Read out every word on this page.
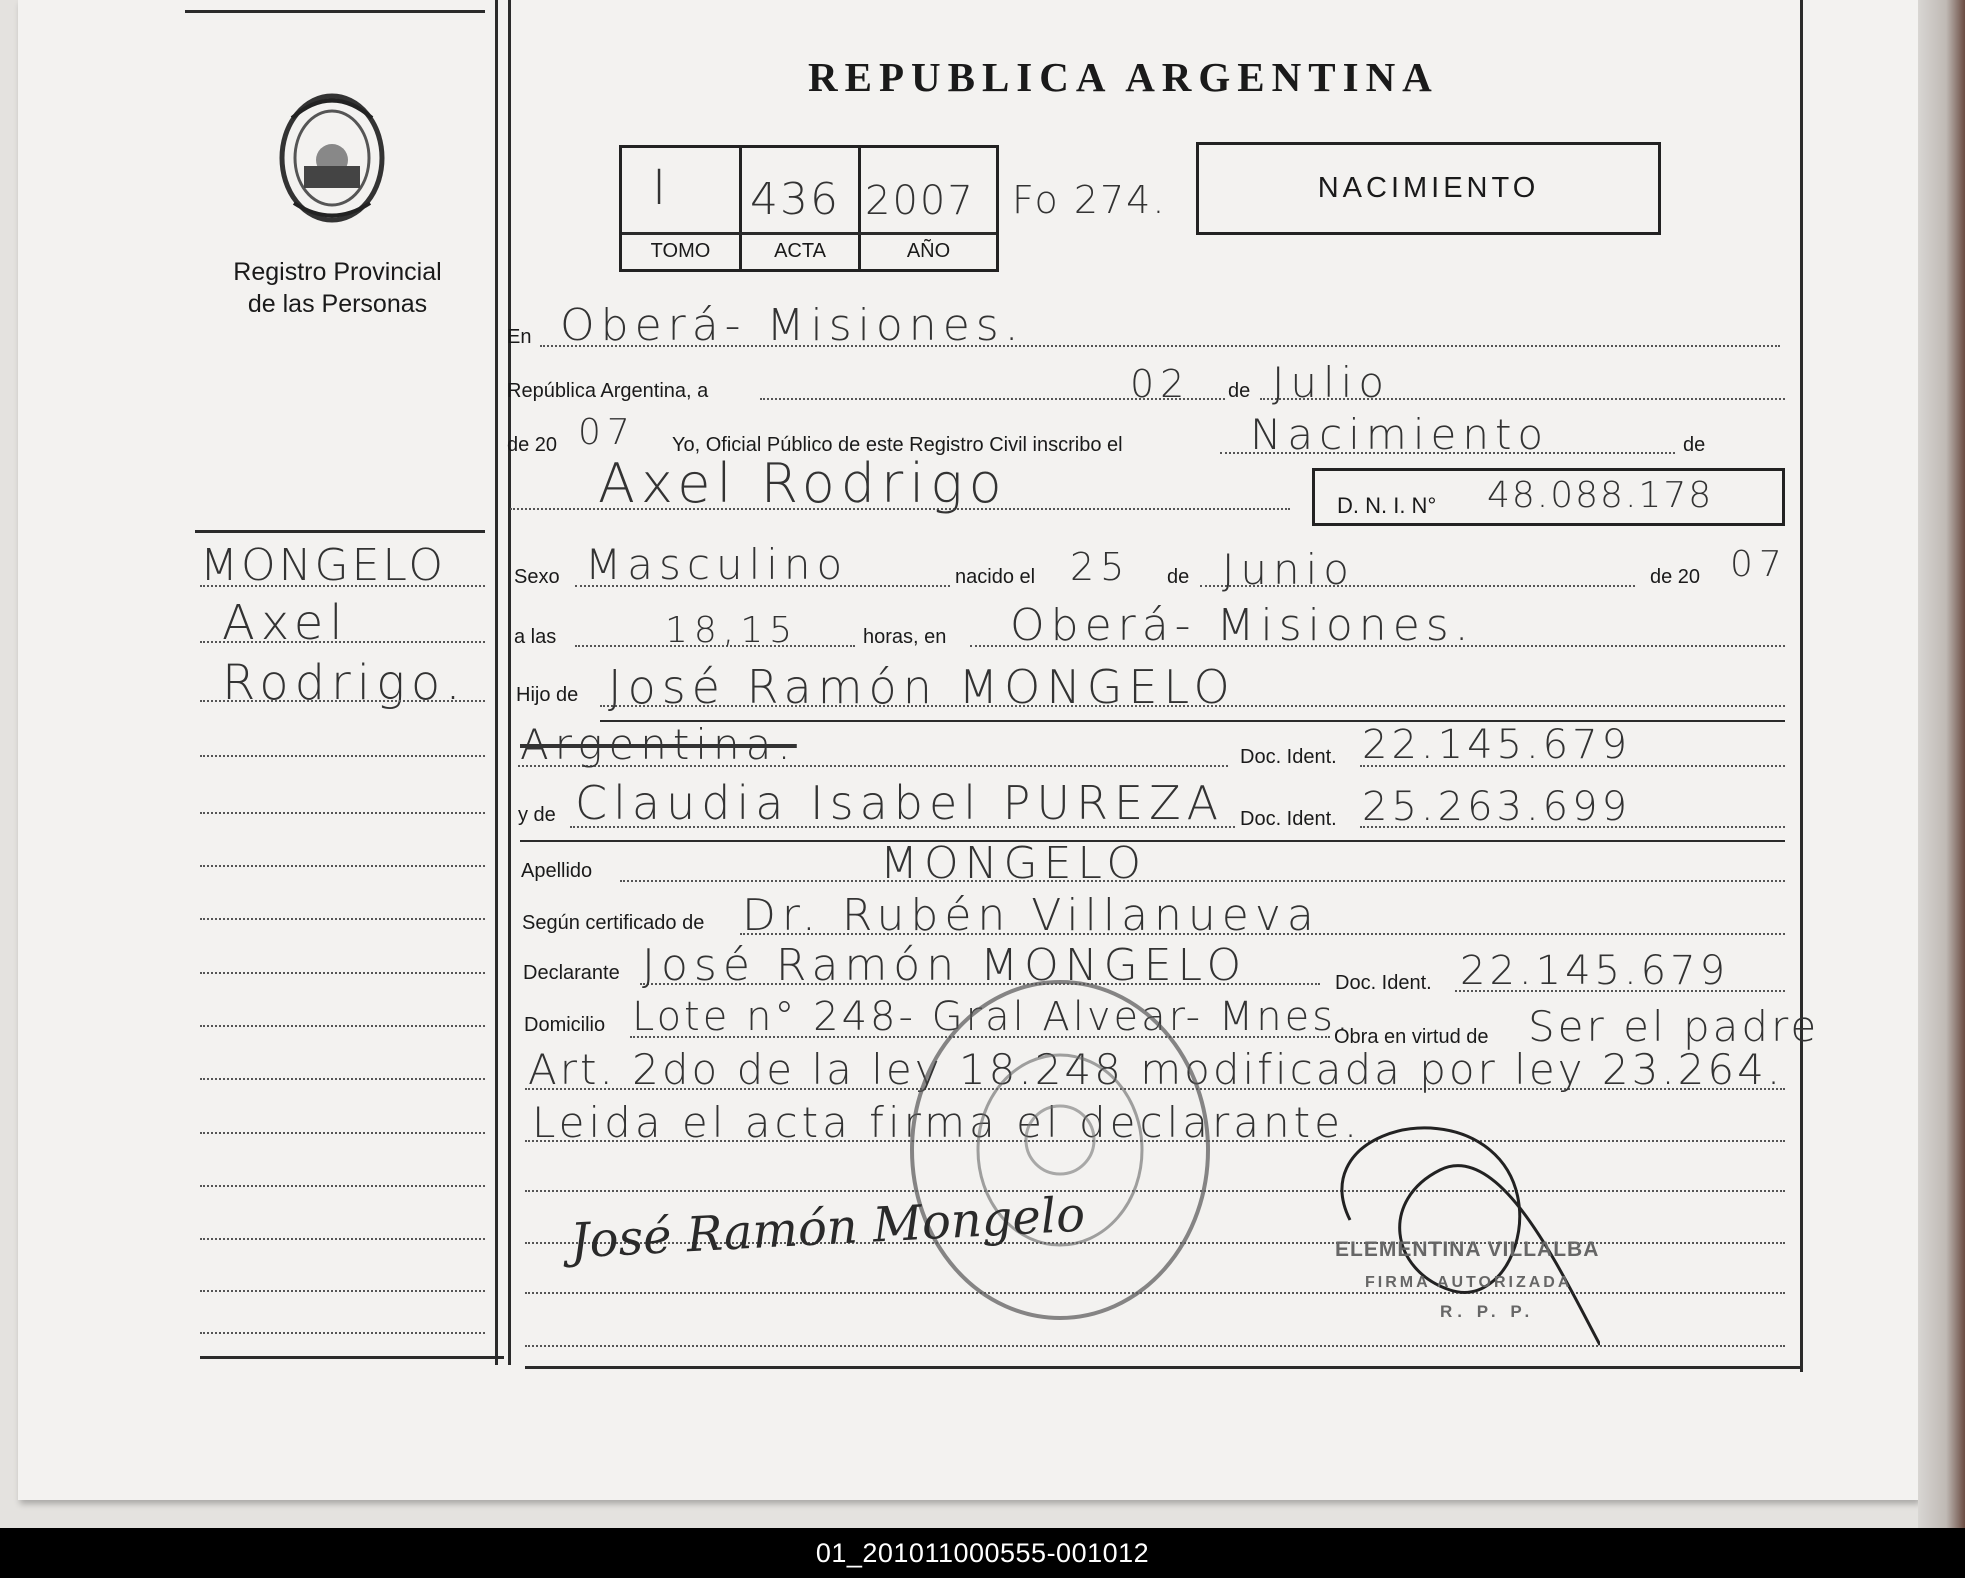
Registro Provincial
de las Personas
REPUBLICA ARGENTINA
I 436 2007
TOMO	ACTA	AÑO
Fo 274.	NACIMIENTO
En Oberá- Misiones.
República Argentina, a	02 de Julio
de 20 07 Yo, Oficial Público de este Registro Civil inscribo el	Nacimiento	de
Axel Rodrigo	D. N. I. N° 48.088.178
Sexo Masculino	nacido el 25 de Junio	de 20 07
a las	18,15	horas, en Oberá- Misiones.
Hijo de José Ramón MONGELO
Argentina.	Doc. Ident. 22.145.679
y de Claudia Isabel PUREZA Doc. Ident. 25.263.699
Apellido	MONGELO
Según certificado de Dr. Rubén Villanueva
Declarante José Ramón MONGELO	Doc. Ident. 22.145.679
Domicilio Lote n° 248- Gral Alvear- Mnes.
Obra en virtud de Ser el padre
Art. 2do de la ley 18.248 modificada por ley 23.264.
Leida el acta firma el declarante.
MONGELO
Axel
Rodrigo.
José Ramón Mongelo	ELEMENTINA VILLALBA
FIRMA AUTORIZADA
R. P. P.
01_201011000555-001012
